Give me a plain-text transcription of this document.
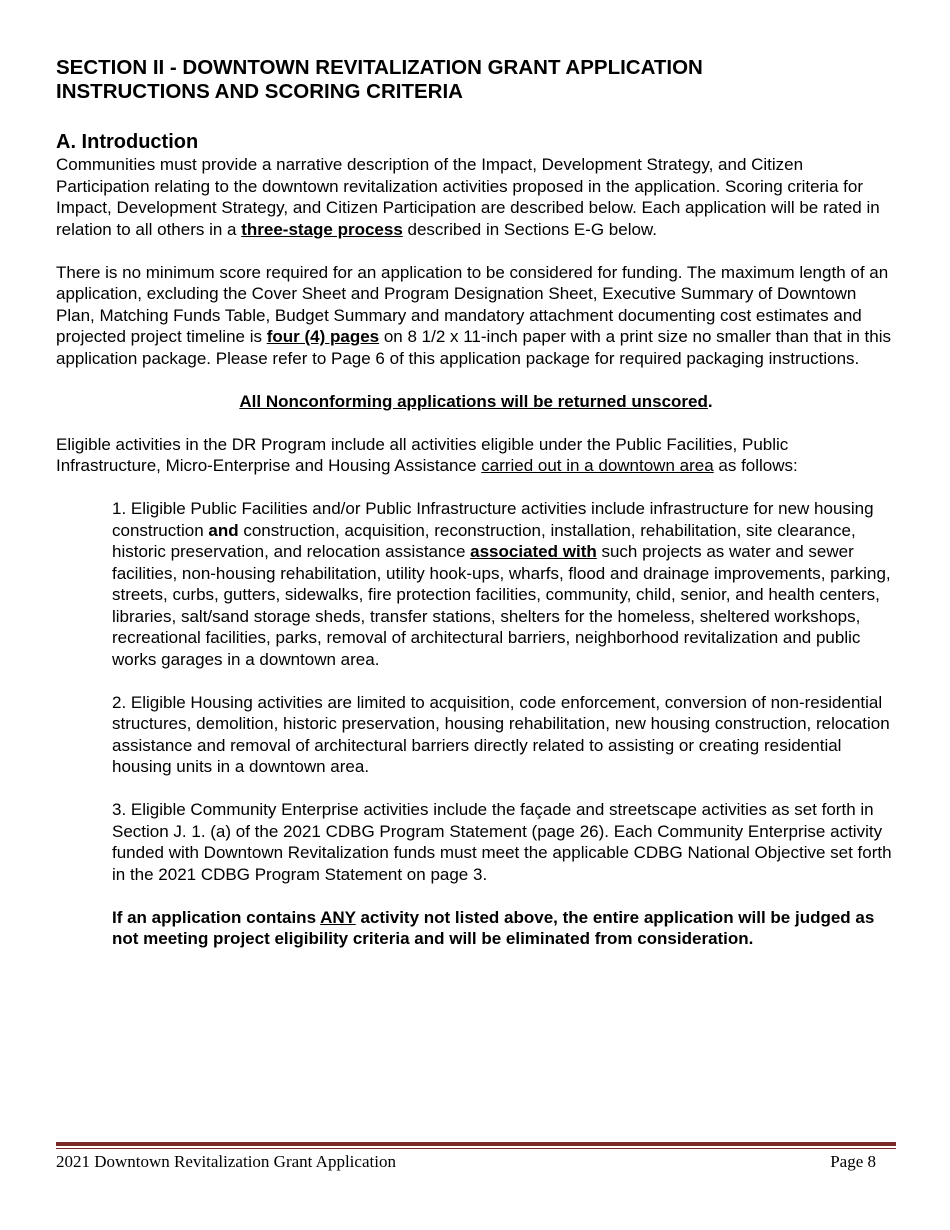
SECTION II - DOWNTOWN REVITALIZATION GRANT APPLICATION
INSTRUCTIONS AND SCORING CRITERIA
A. Introduction

Communities must provide a narrative description of the Impact, Development Strategy, and Citizen Participation relating to the downtown revitalization activities proposed in the application. Scoring criteria for Impact, Development Strategy, and Citizen Participation are described below. Each application will be rated in relation to all others in a three-stage process described in Sections E-G below.

There is no minimum score required for an application to be considered for funding. The maximum length of an application, excluding the Cover Sheet and Program Designation Sheet, Executive Summary of Downtown Plan, Matching Funds Table, Budget Summary and mandatory attachment documenting cost estimates and projected project timeline is four (4) pages on 8 1/2 x 11-inch paper with a print size no smaller than that in this application package. Please refer to Page 6 of this application package for required packaging instructions.

All Nonconforming applications will be returned unscored.

Eligible activities in the DR Program include all activities eligible under the Public Facilities, Public Infrastructure, Micro-Enterprise and Housing Assistance carried out in a downtown area as follows:

1. Eligible Public Facilities and/or Public Infrastructure activities include infrastructure for new housing construction and construction, acquisition, reconstruction, installation, rehabilitation, site clearance, historic preservation, and relocation assistance associated with such projects as water and sewer facilities, non-housing rehabilitation, utility hook-ups, wharfs, flood and drainage improvements, parking, streets, curbs, gutters, sidewalks, fire protection facilities, community, child, senior, and health centers, libraries, salt/sand storage sheds, transfer stations, shelters for the homeless, sheltered workshops, recreational facilities, parks, removal of architectural barriers, neighborhood revitalization and public works garages in a downtown area.

2. Eligible Housing activities are limited to acquisition, code enforcement, conversion of non-residential structures, demolition, historic preservation, housing rehabilitation, new housing construction, relocation assistance and removal of architectural barriers directly related to assisting or creating residential housing units in a downtown area.

3. Eligible Community Enterprise activities include the façade and streetscape activities as set forth in Section J. 1. (a) of the 2021 CDBG Program Statement (page 26). Each Community Enterprise activity funded with Downtown Revitalization funds must meet the applicable CDBG National Objective set forth in the 2021 CDBG Program Statement on page 3.

If an application contains ANY activity not listed above, the entire application will be judged as not meeting project eligibility criteria and will be eliminated from consideration.

2021 Downtown Revitalization Grant Application	Page 8
